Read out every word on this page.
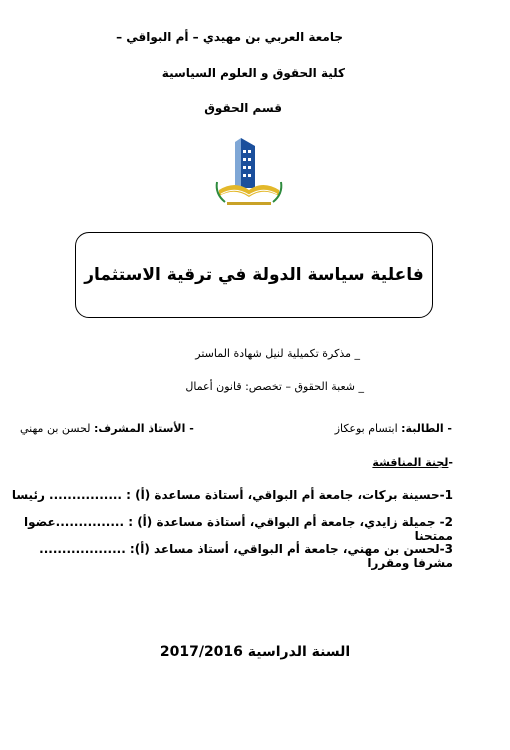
جامعة العربي بن مهيدي – أم البواقي –
كلية الحقوق و العلوم السياسية
قسم الحقوق
فاعلية سياسة الدولة في ترقية الاستثمار
_ مذكرة تكميلية لنيل شهادة الماستر
_ شعبة الحقوق – تخصص: قانون أعمال
- الطالبة: ابتسام بوعكاز
- الأستاذ المشرف: لحسن بن مهني
-لجنة المناقشة
1-حسينة بركات، جامعة أم البواقي، أستاذة مساعدة (أ) : ................ رئيسا
2- جميلة زايدي، جامعة أم البواقي، أستاذة مساعدة (أ) : ...............عضوا ممتحنا
3-لحسن بن مهني، جامعة أم البواقي، أستاذ مساعد (أ): ................... مشرفا ومقررا
السنة الدراسية 2017/2016
